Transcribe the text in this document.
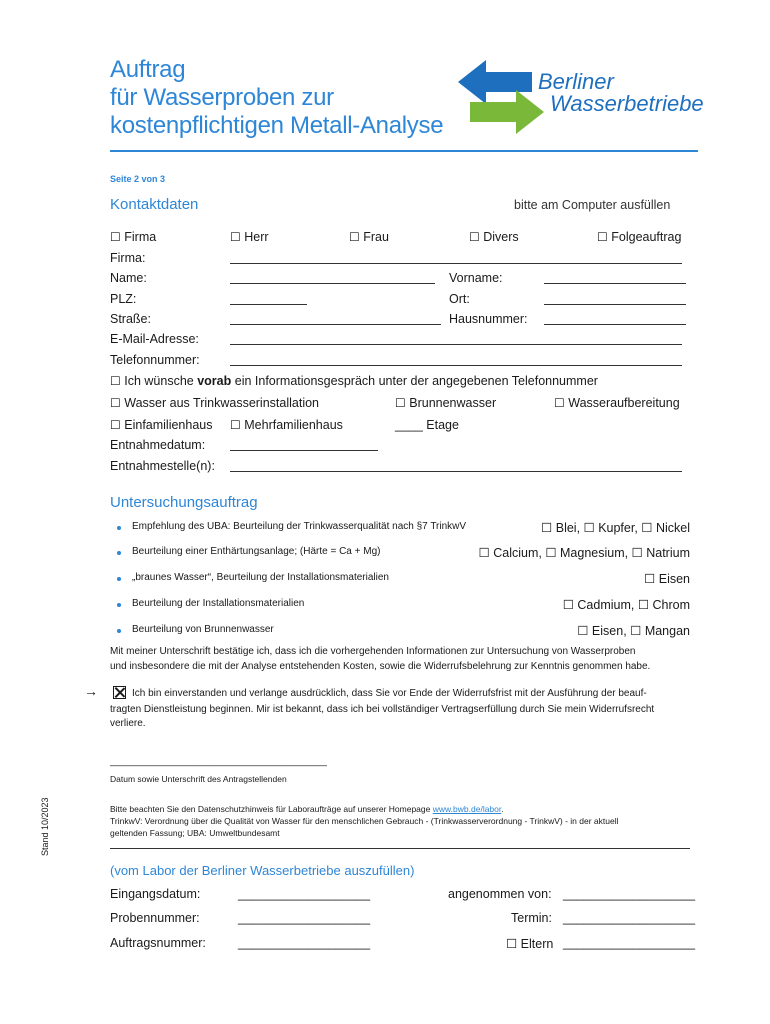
Auftrag
für Wasserproben zur
kostenpflichtigen Metall-Analyse
Berliner
Wasserbetriebe
Seite 2 von 3
Kontaktdaten	bitte am Computer ausfüllen
☐ Firma	☐ Herr	☐ Frau	☐ Divers	☐ Folgeauftrag
Firma:
Name:	Vorname:
PLZ:	Ort:
Straße:	Hausnummer:
E-Mail-Adresse:
Telefonnummer:
☐ Ich wünsche vorab ein Informationsgespräch unter der angegebenen Telefonnummer
☐ Wasser aus Trinkwasserinstallation	☐ Brunnenwasser	☐ Wasseraufbereitung
☐ Einfamilienhaus ☐ Mehrfamilienhaus	____ Etage
Entnahmedatum:
Entnahmestelle(n):
Untersuchungsauftrag
Empfehlung des UBA: Beurteilung der Trinkwasserqualität nach §7 TrinkwV	☐ Blei, ☐ Kupfer, ☐ Nickel
Beurteilung einer Enthärtungsanlage; (Härte = Ca + Mg)	☐ Calcium, ☐ Magnesium, ☐ Natrium
„braunes Wasser“, Beurteilung der Installationsmaterialien	☐ Eisen
Beurteilung der Installationsmaterialien	☐ Cadmium, ☐ Chrom
Beurteilung von Brunnenwasser	☐ Eisen, ☐ Mangan
Mit meiner Unterschrift bestätige ich, dass ich die vorhergehenden Informationen zur Untersuchung von Wasserproben
und insbesondere die mit der Analyse entstehenden Kosten, sowie die Widerrufsbelehrung zur Kenntnis genommen habe.
→	Ich bin einverstanden und verlange ausdrücklich, dass Sie vor Ende der Widerrufsfrist mit der Ausführung der beauf-
tragten Dienstleistung beginnen. Mir ist bekannt, dass ich bei vollständiger Vertragserfüllung durch Sie mein Widerrufsrecht
verliere.
_______________________________________
Datum sowie Unterschrift des Antragstellenden
Bitte beachten Sie den Datenschutzhinweis für Laboraufträge auf unserer Homepage www.bwb.de/labor.
TrinkwV: Verordnung über die Qualität von Wasser für den menschlichen Gebrauch - (Trinkwasserverordnung - TrinkwV) - in der aktuell
geltenden Fassung; UBA: Umweltbundesamt
Stand 10/2023
(vom Labor der Berliner Wasserbetriebe auszufüllen)
Eingangsdatum:	___________________	angenommen von: ___________________
Probennummer:	___________________	Termin: ___________________
Auftragsnummer:	___________________	☐ Eltern ___________________
